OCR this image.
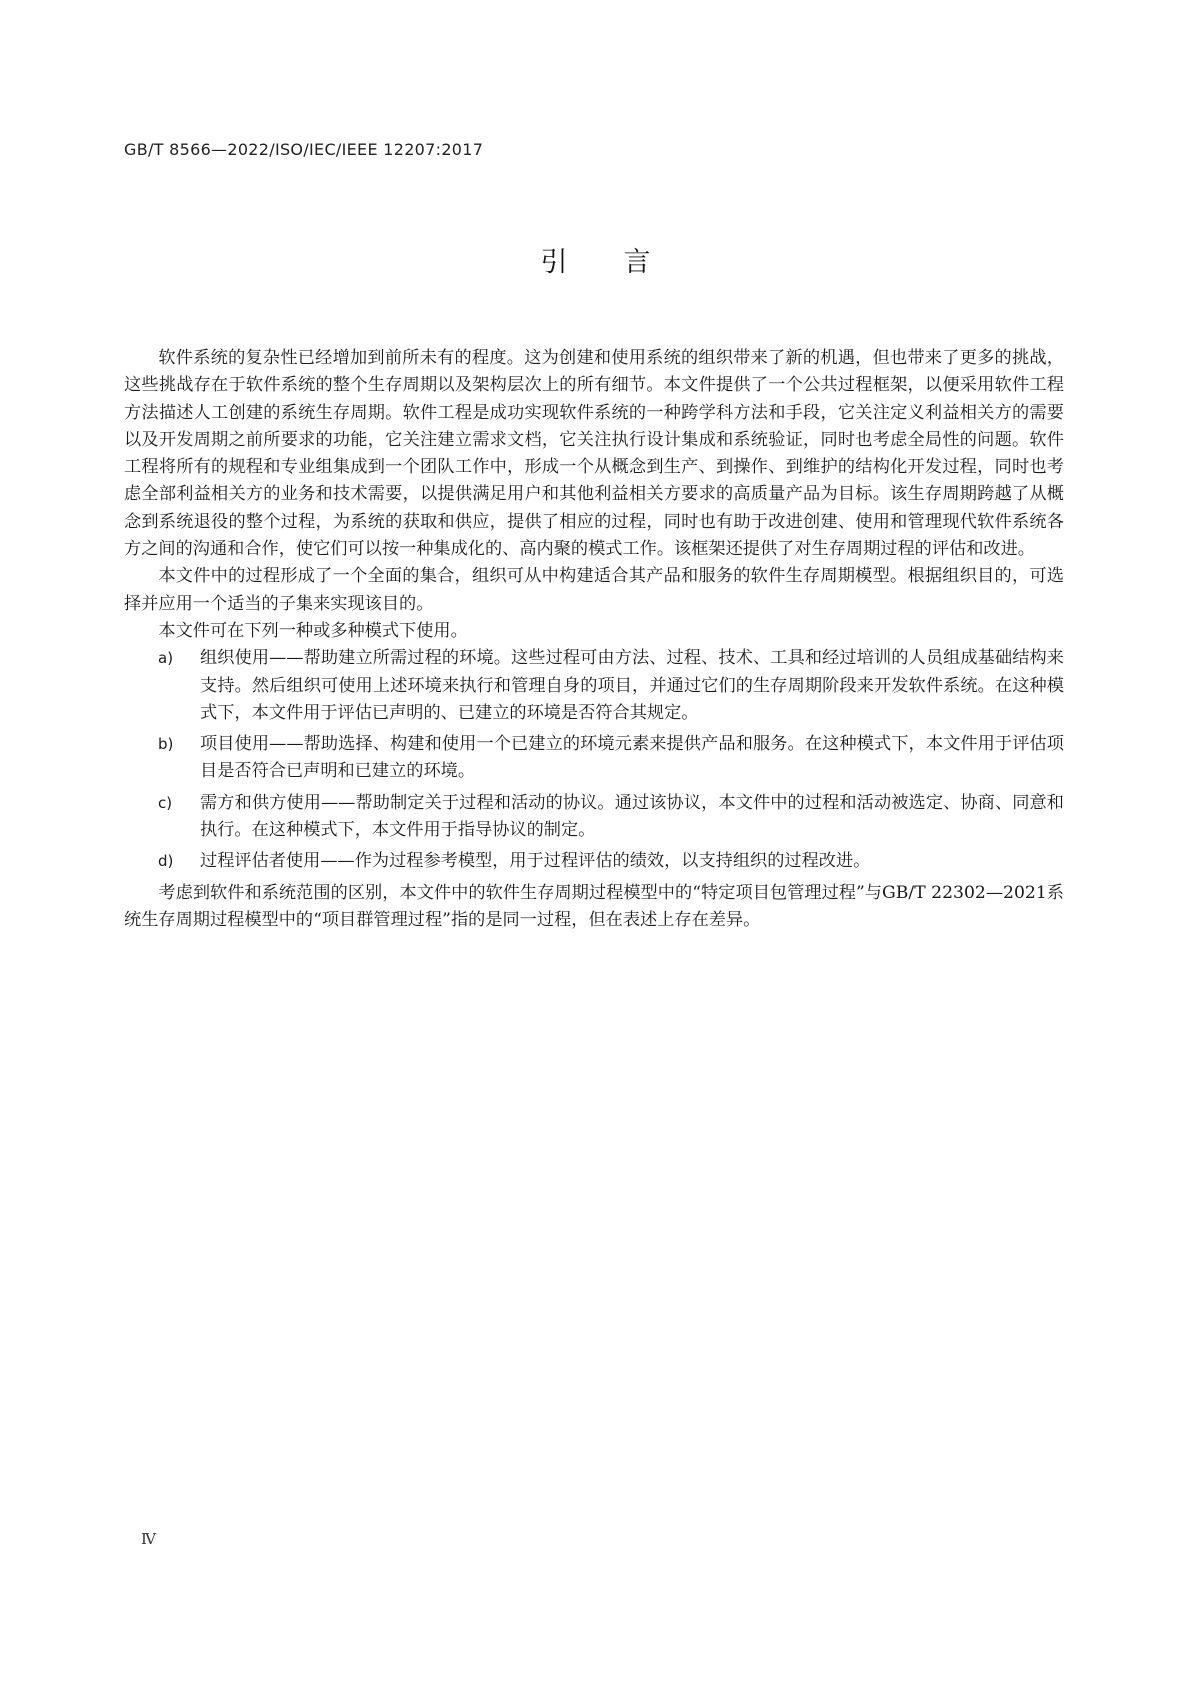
GB/T 8566—2022/ISO/IEC/IEEE 12207:2017
引言

软件系统的复杂性已经增加到前所未有的程度。这为创建和使用系统的组织带来了新的机遇，但也带来了更多的挑战，这些挑战存在于软件系统的整个生存周期以及架构层次上的所有细节。本文件提供了一个公共过程框架，以便采用软件工程方法描述人工创建的系统生存周期。软件工程是成功实现软件系统的一种跨学科方法和手段，它关注定义利益相关方的需要以及开发周期之前所要求的功能，它关注建立需求文档，它关注执行设计集成和系统验证，同时也考虑全局性的问题。软件工程将所有的规程和专业组集成到一个团队工作中，形成一个从概念到生产、到操作、到维护的结构化开发过程，同时也考虑全部利益相关方的业务和技术需要，以提供满足用户和其他利益相关方要求的高质量产品为目标。该生存周期跨越了从概念到系统退役的整个过程，为系统的获取和供应，提供了相应的过程，同时也有助于改进创建、使用和管理现代软件系统各方之间的沟通和合作，使它们可以按一种集成化的、高内聚的模式工作。该框架还提供了对生存周期过程的评估和改进。

本文件中的过程形成了一个全面的集合，组织可从中构建适合其产品和服务的软件生存周期模型。根据组织目的，可选择并应用一个适当的子集来实现该目的。

本文件可在下列一种或多种模式下使用。

a)	组织使用——帮助建立所需过程的环境。这些过程可由方法、过程、技术、工具和经过培训的人员组成基础结构来支持。然后组织可使用上述环境来执行和管理自身的项目，并通过它们的生存周期阶段来开发软件系统。在这种模式下，本文件用于评估已声明的、已建立的环境是否符合其规定。
b)	项目使用——帮助选择、构建和使用一个已建立的环境元素来提供产品和服务。在这种模式下，本文件用于评估项目是否符合已声明和已建立的环境。
c)	需方和供方使用——帮助制定关于过程和活动的协议。通过该协议，本文件中的过程和活动被选定、协商、同意和执行。在这种模式下，本文件用于指导协议的制定。
d)	过程评估者使用——作为过程参考模型，用于过程评估的绩效，以支持组织的过程改进。

考虑到软件和系统范围的区别，本文件中的软件生存周期过程模型中的“特定项目包管理过程”与GB/T 22302—2021系统生存周期过程模型中的“项目群管理过程”指的是同一过程，但在表述上存在差异。

Ⅳ
